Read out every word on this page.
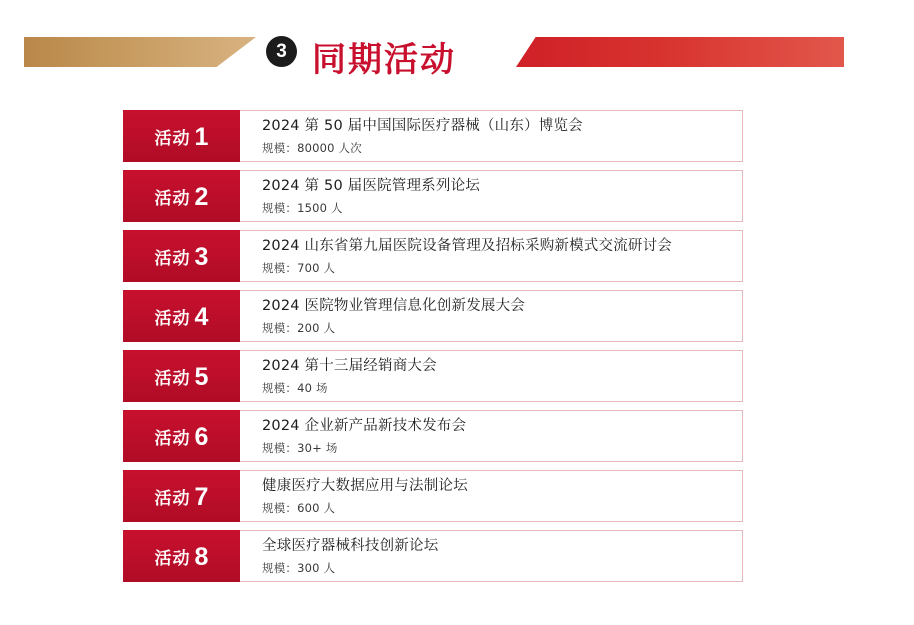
3 同期活动
活动 1	2024 第 50 届中国国际医疗器械（山东）博览会
规模：80000 人次
活动 2	2024 第 50 届医院管理系列论坛
规模：1500 人
活动 3	2024 山东省第九届医院设备管理及招标采购新模式交流研讨会
规模：700 人
活动 4	2024 医院物业管理信息化创新发展大会
规模：200 人
活动 5	2024 第十三届经销商大会
规模：40 场
活动 6	2024 企业新产品新技术发布会
规模：30+ 场
活动 7	健康医疗大数据应用与法制论坛
规模：600 人
活动 8	全球医疗器械科技创新论坛
规模：300 人
